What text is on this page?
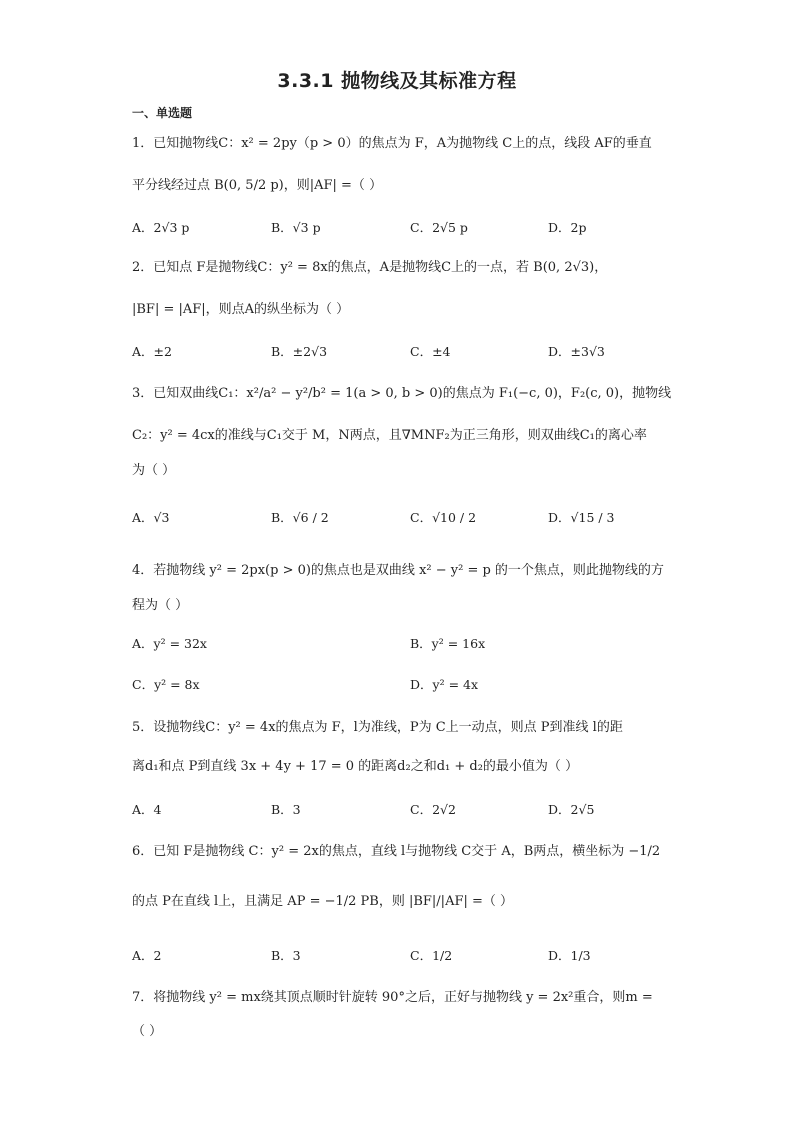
3.3.1 抛物线及其标准方程
一、单选题
1．已知抛物线C：x² = 2py（p > 0）的焦点为 F，A为抛物线 C上的点，线段 AF的垂直
平分线经过点 B(0, 5/2 p)，则|AF| =（ ）
A．2√3 p	B．√3 p	C．2√5 p	D．2p
2．已知点 F是抛物线C：y² = 8x的焦点，A是抛物线C上的一点，若 B(0, 2√3)，
|BF| = |AF|，则点A的纵坐标为（ ）
A．±2	B．±2√3	C．±4	D．±3√3
3．已知双曲线C₁：x²/a² − y²/b² = 1(a > 0, b > 0)的焦点为 F₁(−c, 0)，F₂(c, 0)，抛物线
C₂：y² = 4cx的准线与C₁交于 M，N两点，且∇MNF₂为正三角形，则双曲线C₁的离心率
为（ ）
A．√3	B．√6 / 2	C．√10 / 2	D．√15 / 3
4．若抛物线 y² = 2px(p > 0)的焦点也是双曲线 x² − y² = p 的一个焦点，则此抛物线的方
程为（ ）
A．y² = 32x	B．y² = 16x
C．y² = 8x	D．y² = 4x
5．设抛物线C：y² = 4x的焦点为 F，l为准线，P为 C上一动点，则点 P到准线 l的距
离d₁和点 P到直线 3x + 4y + 17 = 0 的距离d₂之和d₁ + d₂的最小值为（ ）
A．4	B．3	C．2√2	D．2√5
6．已知 F是抛物线 C：y² = 2x的焦点，直线 l与抛物线 C交于 A，B两点，横坐标为 −1/2
的点 P在直线 l上，且满足 AP = −1/2 PB，则 |BF|/|AF| =（ ）
A．2	B．3	C．1/2	D．1/3
7．将抛物线 y² = mx绕其顶点顺时针旋转 90°之后，正好与抛物线 y = 2x²重合，则m =
（ ）
